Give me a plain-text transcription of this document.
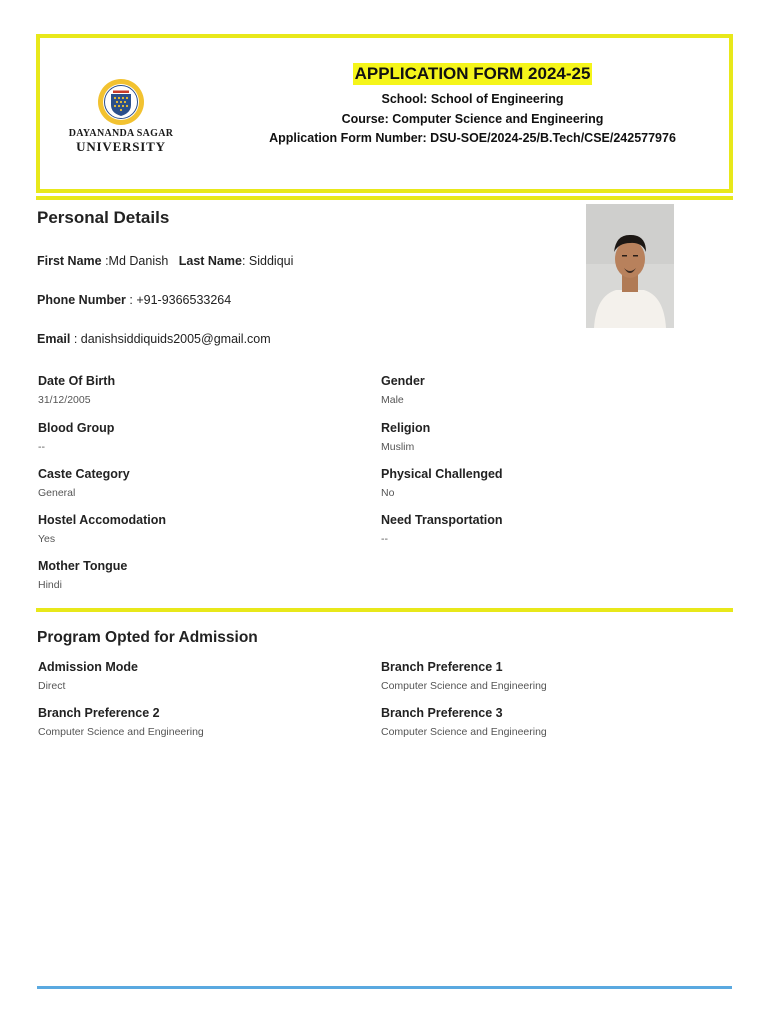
DAYANANDA SAGAR
UNIVERSITY
APPLICATION FORM 2024-25
School: School of Engineering
Course: Computer Science and Engineering
Application Form Number: DSU-SOE/2024-25/B.Tech/CSE/242577976
Personal Details
First Name :Md Danish Last Name: Siddiqui
Phone Number : +91-9366533264
Email : danishsiddiquids2005@gmail.com
Date Of Birth
31/12/2005
Gender
Male
Blood Group
--
Religion
Muslim
Caste Category
General
Physical Challenged
No
Hostel Accomodation
Yes
Need Transportation
--
Mother Tongue
Hindi
Program Opted for Admission
Admission Mode
Direct
Branch Preference 1
Computer Science and Engineering
Branch Preference 2
Computer Science and Engineering
Branch Preference 3
Computer Science and Engineering
